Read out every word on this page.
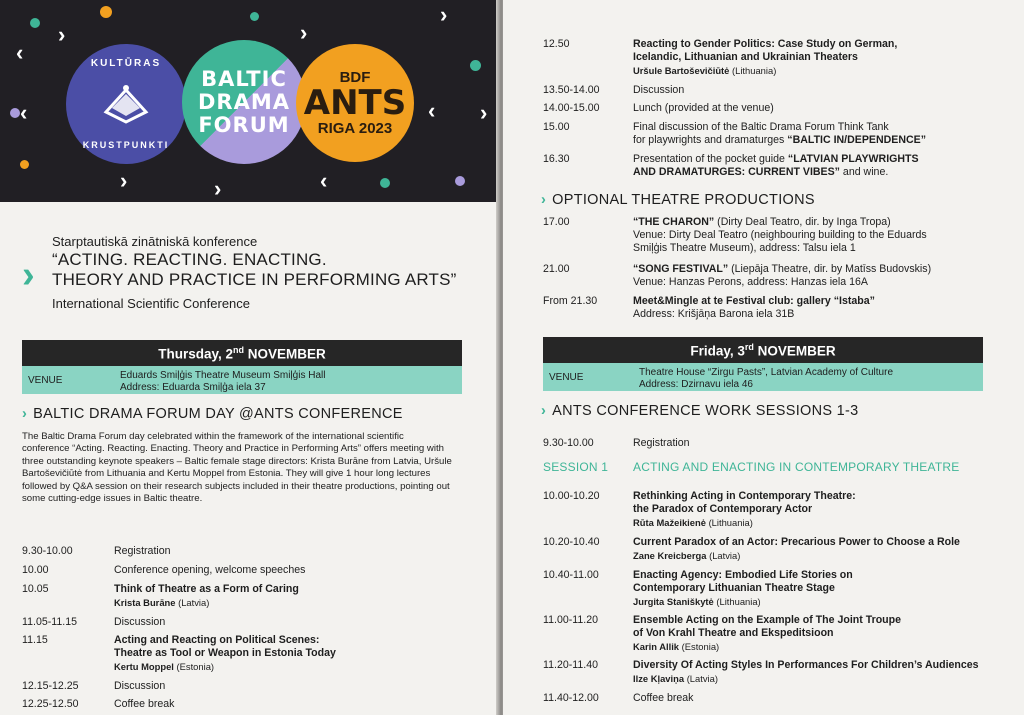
›
‹
›
›
‹ ›
‹
›	›	‹
KULTŪRAS
KRUSTPUNKTI
BALTIC
DRAMA
FORUM
BDF
ANTS
RIGA 2023
›
Starptautiskā zinātniskā konference
“ACTING. REACTING. ENACTING.
THEORY AND PRACTICE IN PERFORMING ARTS”
International Scientific Conference
Thursday, 2nd NOVEMBER
VENUE	Eduards Smiļģis Theatre Museum Smiļģis Hall
Address: Eduarda Smiļģa iela 37
› BALTIC DRAMA FORUM DAY @ANTS CONFERENCE
The Baltic Drama Forum day celebrated within the framework of the international scientific conference “Acting. Reacting. Enacting. Theory and Practice in Performing Arts” offers meeting with three outstanding keynote speakers – Baltic female stage directors: Krista Burāne from Latvia, Uršule Bartoševičiūtė from Lithuania and Kertu Moppel from Estonia. They will give 1 hour long lectures followed by Q&A session on their research subjects included in their theatre productions, pointing out some cutting-edge issues in Baltic theatre.
9.30-10.00	Registration
10.00	Conference opening, welcome speeches
10.05	Think of Theatre as a Form of Caring
Krista Burāne (Latvia)
11.05-11.15	Discussion
11.15	Acting and Reacting on Political Scenes:
Theatre as Tool or Weapon in Estonia Today
Kertu Moppel (Estonia)
12.15-12.25	Discussion
12.25-12.50	Coffee break
12.50	Reacting to Gender Politics: Case Study on German,
Icelandic, Lithuanian and Ukrainian Theaters
Uršule Bartoševičiūtė (Lithuania)
13.50-14.00	Discussion
14.00-15.00	Lunch (provided at the venue)
15.00	Final discussion of the Baltic Drama Forum Think Tank
for playwrights and dramaturges “BALTIC IN/DEPENDENCE”
16.30	Presentation of the pocket guide “LATVIAN PLAYWRIGHTS
AND DRAMATURGES: CURRENT VIBES” and wine.
› OPTIONAL THEATRE PRODUCTIONS
17.00	“THE CHARON” (Dirty Deal Teatro, dir. by Inga Tropa)
Venue: Dirty Deal Teatro (neighbouring building to the Eduards
Smiļģis Theatre Museum), address: Talsu iela 1
21.00	“SONG FESTIVAL” (Liepāja Theatre, dir. by Matīss Budovskis)
Venue: Hanzas Perons, address: Hanzas iela 16A
From 21.30	Meet&Mingle at te Festival club: gallery “Istaba”
Address: Krišjāņa Barona iela 31B
Friday, 3rd NOVEMBER
VENUE	Theatre House “Zirgu Pasts”, Latvian Academy of Culture
Address: Dzirnavu iela 46
› ANTS CONFERENCE WORK SESSIONS 1-3
9.30-10.00	Registration
SESSION 1 ACTING AND ENACTING IN CONTEMPORARY THEATRE
10.00-10.20	Rethinking Acting in Contemporary Theatre:
the Paradox of Contemporary Actor
Rūta Mažeikienė (Lithuania)
10.20-10.40	Current Paradox of an Actor: Precarious Power to Choose a Role
Zane Kreicberga (Latvia)
10.40-11.00	Enacting Agency: Embodied Life Stories on
Contemporary Lithuanian Theatre Stage
Jurgita Staniškytė (Lithuania)
11.00-11.20	Ensemble Acting on the Example of The Joint Troupe
of Von Krahl Theatre and Ekspeditsioon
Karin Allik (Estonia)
11.20-11.40	Diversity Of Acting Styles In Performances For Children’s Audiences
Ilze Kļaviņa (Latvia)
11.40-12.00	Coffee break
